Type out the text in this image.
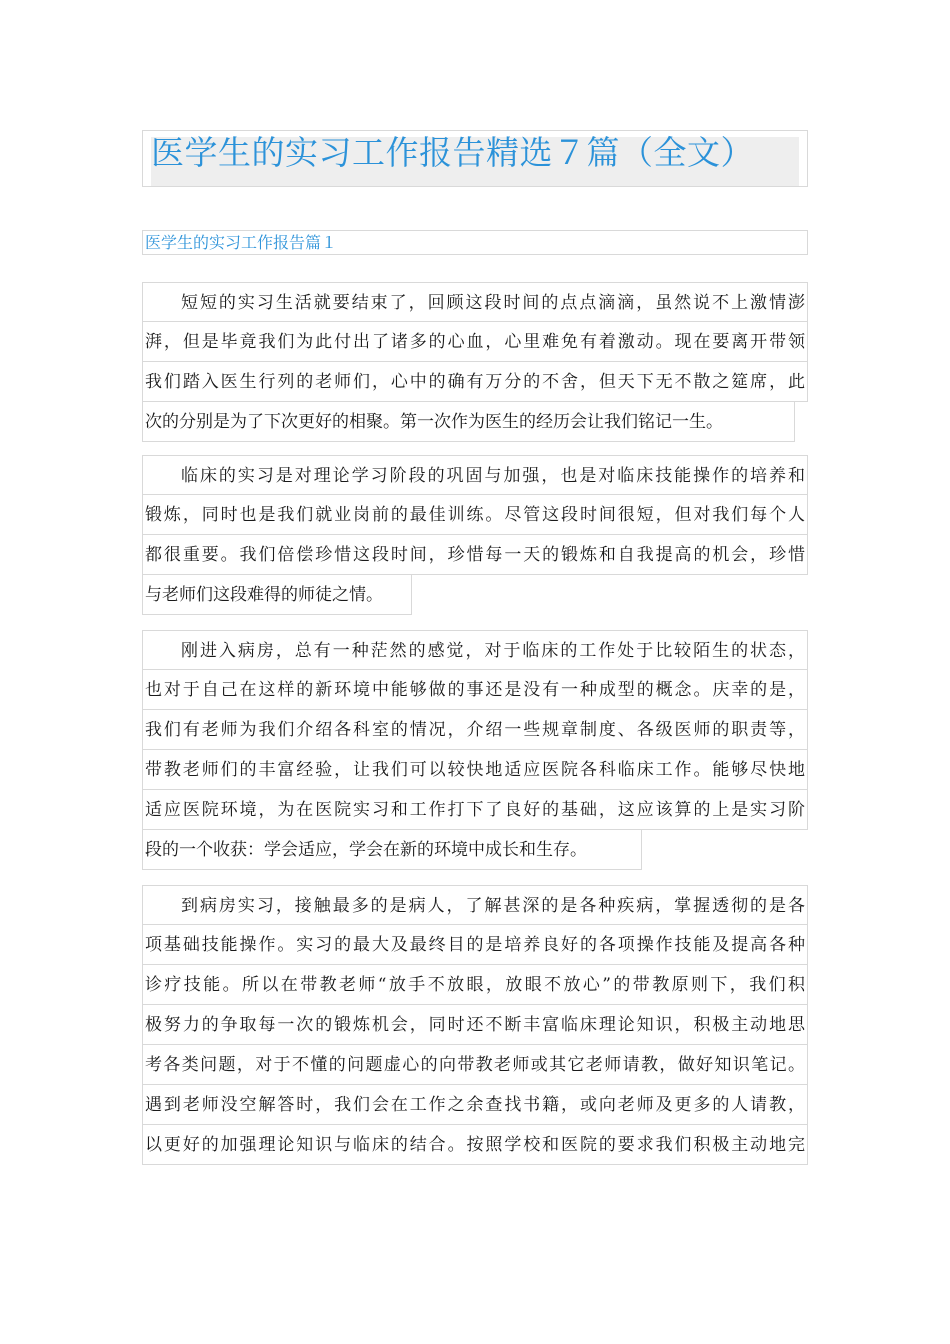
医学生的实习工作报告精选７篇（全文）
医学生的实习工作报告篇１
短短的实习生活就要结束了，回顾这段时间的点点滴滴，虽然说不上激情澎
湃，但是毕竟我们为此付出了诸多的心血，心里难免有着激动。现在要离开带领
我们踏入医生行列的老师们，心中的确有万分的不舍，但天下无不散之筵席，此
次的分别是为了下次更好的相聚。第一次作为医生的经历会让我们铭记一生。
临床的实习是对理论学习阶段的巩固与加强，也是对临床技能操作的培养和
锻炼，同时也是我们就业岗前的最佳训练。尽管这段时间很短，但对我们每个人
都很重要。我们倍偿珍惜这段时间，珍惜每一天的锻炼和自我提高的机会，珍惜
与老师们这段难得的师徒之情。
刚进入病房，总有一种茫然的感觉，对于临床的工作处于比较陌生的状态，
也对于自己在这样的新环境中能够做的事还是没有一种成型的概念。庆幸的是，
我们有老师为我们介绍各科室的情况，介绍一些规章制度、各级医师的职责等，
带教老师们的丰富经验，让我们可以较快地适应医院各科临床工作。能够尽快地
适应医院环境，为在医院实习和工作打下了良好的基础，这应该算的上是实习阶
段的一个收获：学会适应，学会在新的环境中成长和生存。
到病房实习，接触最多的是病人，了解甚深的是各种疾病，掌握透彻的是各
项基础技能操作。实习的最大及最终目的是培养良好的各项操作技能及提高各种
诊疗技能。所以在带教老师“放手不放眼，放眼不放心”的带教原则下，我们积
极努力的争取每一次的锻炼机会，同时还不断丰富临床理论知识，积极主动地思
考各类问题，对于不懂的问题虚心的向带教老师或其它老师请教，做好知识笔记。
遇到老师没空解答时，我们会在工作之余查找书籍，或向老师及更多的人请教，
以更好的加强理论知识与临床的结合。按照学校和医院的要求我们积极主动地完
